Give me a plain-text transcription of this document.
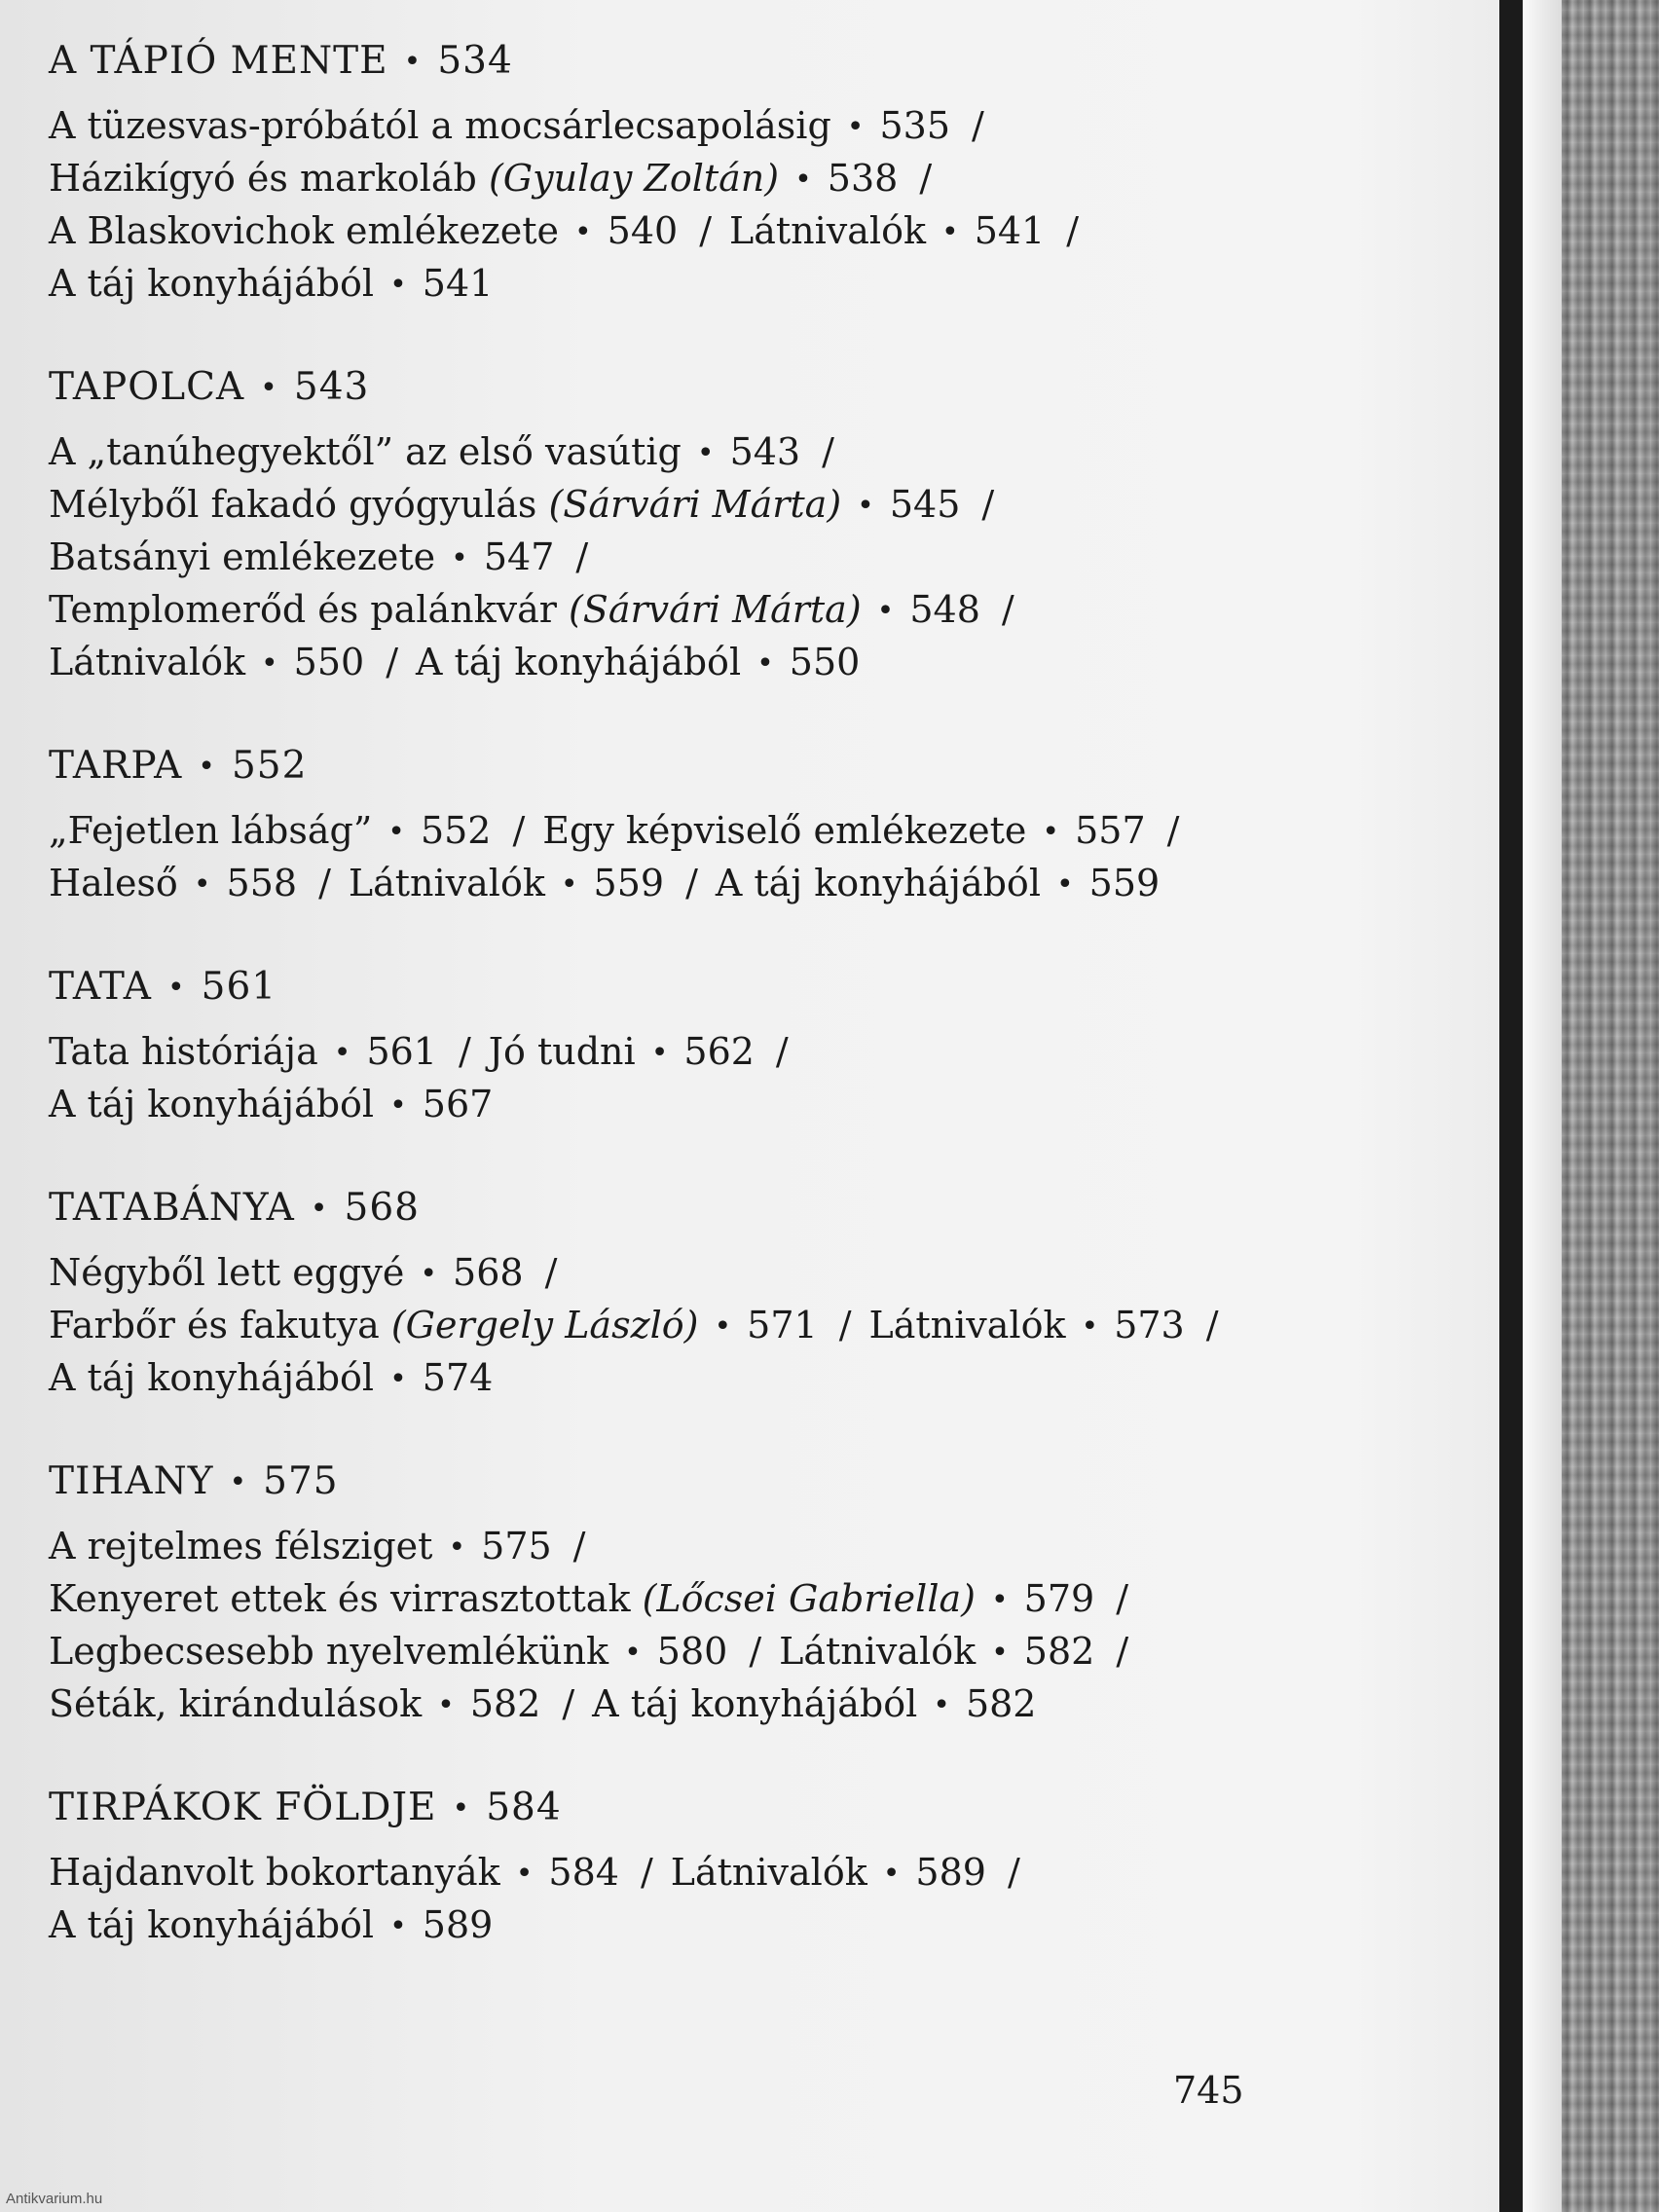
A TÁPIÓ MENTE • 534
A tüzesvas-próbától a mocsárlecsapolásig • 535 /
Házikígyó és markoláb (Gyulay Zoltán) • 538 /
A Blaskovichok emlékezete • 540 / Látnivalók • 541 /
A táj konyhájából • 541
TAPOLCA • 543
A „tanúhegyektől” az első vasútig • 543 /
Mélyből fakadó gyógyulás (Sárvári Márta) • 545 /
Batsányi emlékezete • 547 /
Templomerőd és palánkvár (Sárvári Márta) • 548 /
Látnivalók • 550 / A táj konyhájából • 550
TARPA • 552
„Fejetlen lábság” • 552 / Egy képviselő emlékezete • 557 /
Haleső • 558 / Látnivalók • 559 / A táj konyhájából • 559
TATA • 561
Tata históriája • 561 / Jó tudni • 562 /
A táj konyhájából • 567
TATABÁNYA • 568
Négyből lett eggyé • 568 /
Farbőr és fakutya (Gergely László) • 571 / Látnivalók • 573 /
A táj konyhájából • 574
TIHANY • 575
A rejtelmes félsziget • 575 /
Kenyeret ettek és virrasztottak (Lőcsei Gabriella) • 579 /
Legbecsesebb nyelvemlékünk • 580 / Látnivalók • 582 /
Séták, kirándulások • 582 / A táj konyhájából • 582
TIRPÁKOK FÖLDJE • 584
Hajdanvolt bokortanyák • 584 / Látnivalók • 589 /
A táj konyhájából • 589
745
Antikvarium.hu
